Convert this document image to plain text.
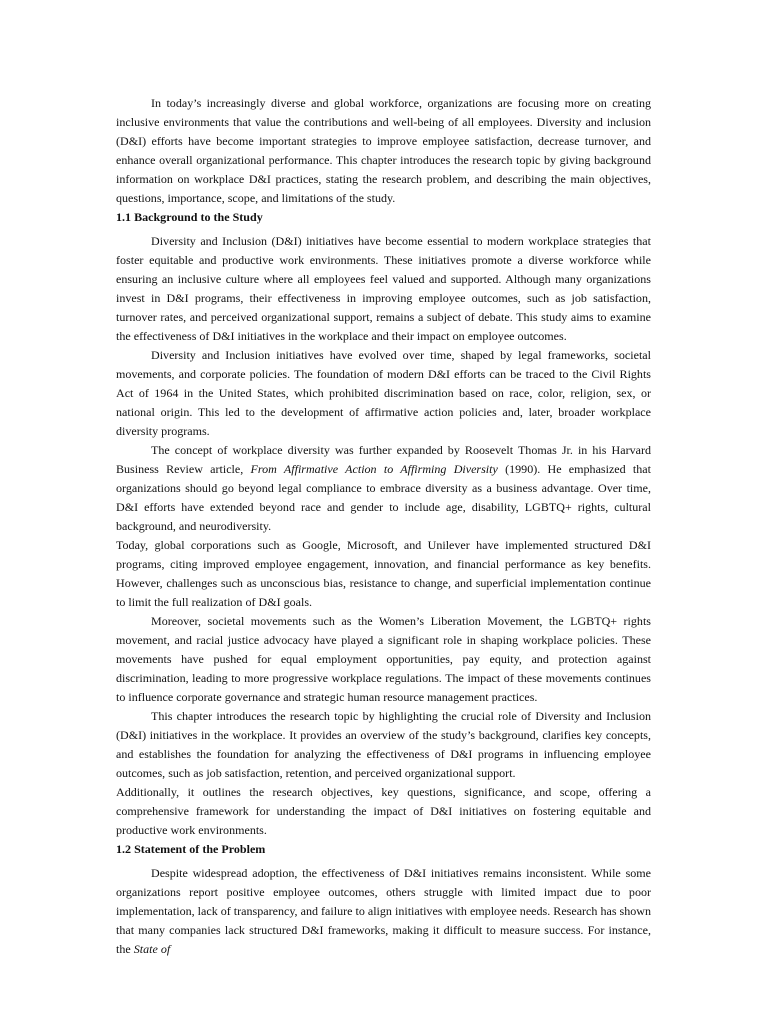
In today’s increasingly diverse and global workforce, organizations are focusing more on creating inclusive environments that value the contributions and well-being of all employees. Diversity and inclusion (D&I) efforts have become important strategies to improve employee satisfaction, decrease turnover, and enhance overall organizational performance. This chapter introduces the research topic by giving background information on workplace D&I practices, stating the research problem, and describing the main objectives, questions, importance, scope, and limitations of the study.

1.1 Background to the Study

Diversity and Inclusion (D&I) initiatives have become essential to modern workplace strategies that foster equitable and productive work environments. These initiatives promote a diverse workforce while ensuring an inclusive culture where all employees feel valued and supported. Although many organizations invest in D&I programs, their effectiveness in improving employee outcomes, such as job satisfaction, turnover rates, and perceived organizational support, remains a subject of debate. This study aims to examine the effectiveness of D&I initiatives in the workplace and their impact on employee outcomes.

Diversity and Inclusion initiatives have evolved over time, shaped by legal frameworks, societal movements, and corporate policies. The foundation of modern D&I efforts can be traced to the Civil Rights Act of 1964 in the United States, which prohibited discrimination based on race, color, religion, sex, or national origin. This led to the development of affirmative action policies and, later, broader workplace diversity programs.

The concept of workplace diversity was further expanded by Roosevelt Thomas Jr. in his Harvard Business Review article, From Affirmative Action to Affirming Diversity (1990). He emphasized that organizations should go beyond legal compliance to embrace diversity as a business advantage. Over time, D&I efforts have extended beyond race and gender to include age, disability, LGBTQ+ rights, cultural background, and neurodiversity.

Today, global corporations such as Google, Microsoft, and Unilever have implemented structured D&I programs, citing improved employee engagement, innovation, and financial performance as key benefits. However, challenges such as unconscious bias, resistance to change, and superficial implementation continue to limit the full realization of D&I goals.

Moreover, societal movements such as the Women’s Liberation Movement, the LGBTQ+ rights movement, and racial justice advocacy have played a significant role in shaping workplace policies. These movements have pushed for equal employment opportunities, pay equity, and protection against discrimination, leading to more progressive workplace regulations. The impact of these movements continues to influence corporate governance and strategic human resource management practices.

This chapter introduces the research topic by highlighting the crucial role of Diversity and Inclusion (D&I) initiatives in the workplace. It provides an overview of the study’s background, clarifies key concepts, and establishes the foundation for analyzing the effectiveness of D&I programs in influencing employee outcomes, such as job satisfaction, retention, and perceived organizational support.

Additionally, it outlines the research objectives, key questions, significance, and scope, offering a comprehensive framework for understanding the impact of D&I initiatives on fostering equitable and productive work environments.

1.2 Statement of the Problem

Despite widespread adoption, the effectiveness of D&I initiatives remains inconsistent. While some organizations report positive employee outcomes, others struggle with limited impact due to poor implementation, lack of transparency, and failure to align initiatives with employee needs. Research has shown that many companies lack structured D&I frameworks, making it difficult to measure success. For instance, the State of
